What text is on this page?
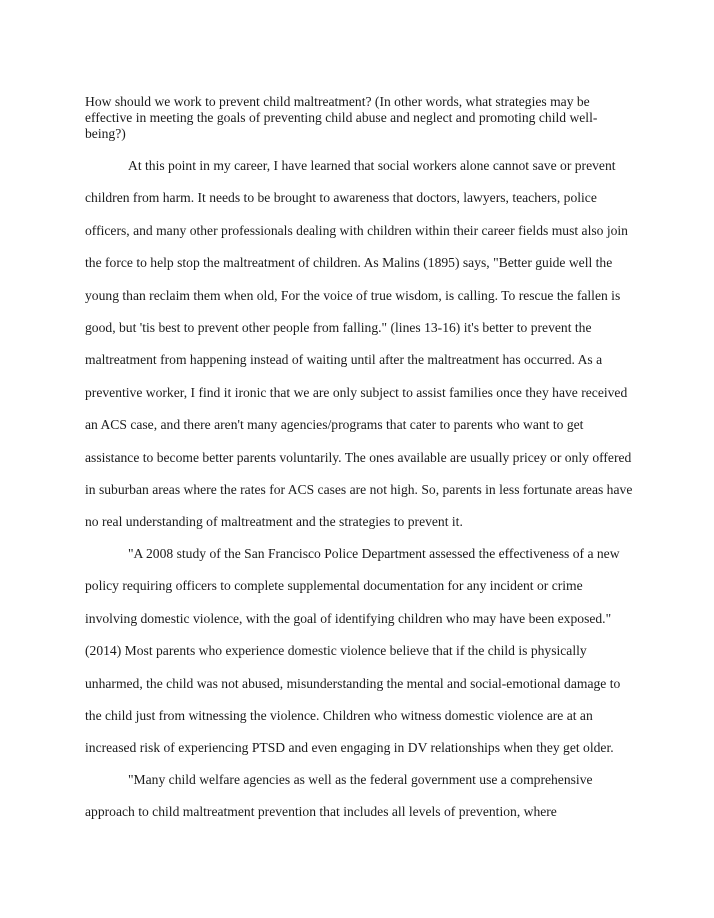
How should we work to prevent child maltreatment? (In other words, what strategies may be effective in meeting the goals of preventing child abuse and neglect and promoting child well-being?)

At this point in my career, I have learned that social workers alone cannot save or prevent children from harm. It needs to be brought to awareness that doctors, lawyers, teachers, police officers, and many other professionals dealing with children within their career fields must also join the force to help stop the maltreatment of children. As Malins (1895) says, "Better guide well the young than reclaim them when old, For the voice of true wisdom, is calling. To rescue the fallen is good, but 'tis best to prevent other people from falling." (lines 13-16) it's better to prevent the maltreatment from happening instead of waiting until after the maltreatment has occurred. As a preventive worker, I find it ironic that we are only subject to assist families once they have received an ACS case, and there aren't many agencies/programs that cater to parents who want to get assistance to become better parents voluntarily. The ones available are usually pricey or only offered in suburban areas where the rates for ACS cases are not high. So, parents in less fortunate areas have no real understanding of maltreatment and the strategies to prevent it.

"A 2008 study of the San Francisco Police Department assessed the effectiveness of a new policy requiring officers to complete supplemental documentation for any incident or crime involving domestic violence, with the goal of identifying children who may have been exposed." (2014) Most parents who experience domestic violence believe that if the child is physically unharmed, the child was not abused, misunderstanding the mental and social-emotional damage to the child just from witnessing the violence. Children who witness domestic violence are at an increased risk of experiencing PTSD and even engaging in DV relationships when they get older.

"Many child welfare agencies as well as the federal government use a comprehensive approach to child maltreatment prevention that includes all levels of prevention, where
